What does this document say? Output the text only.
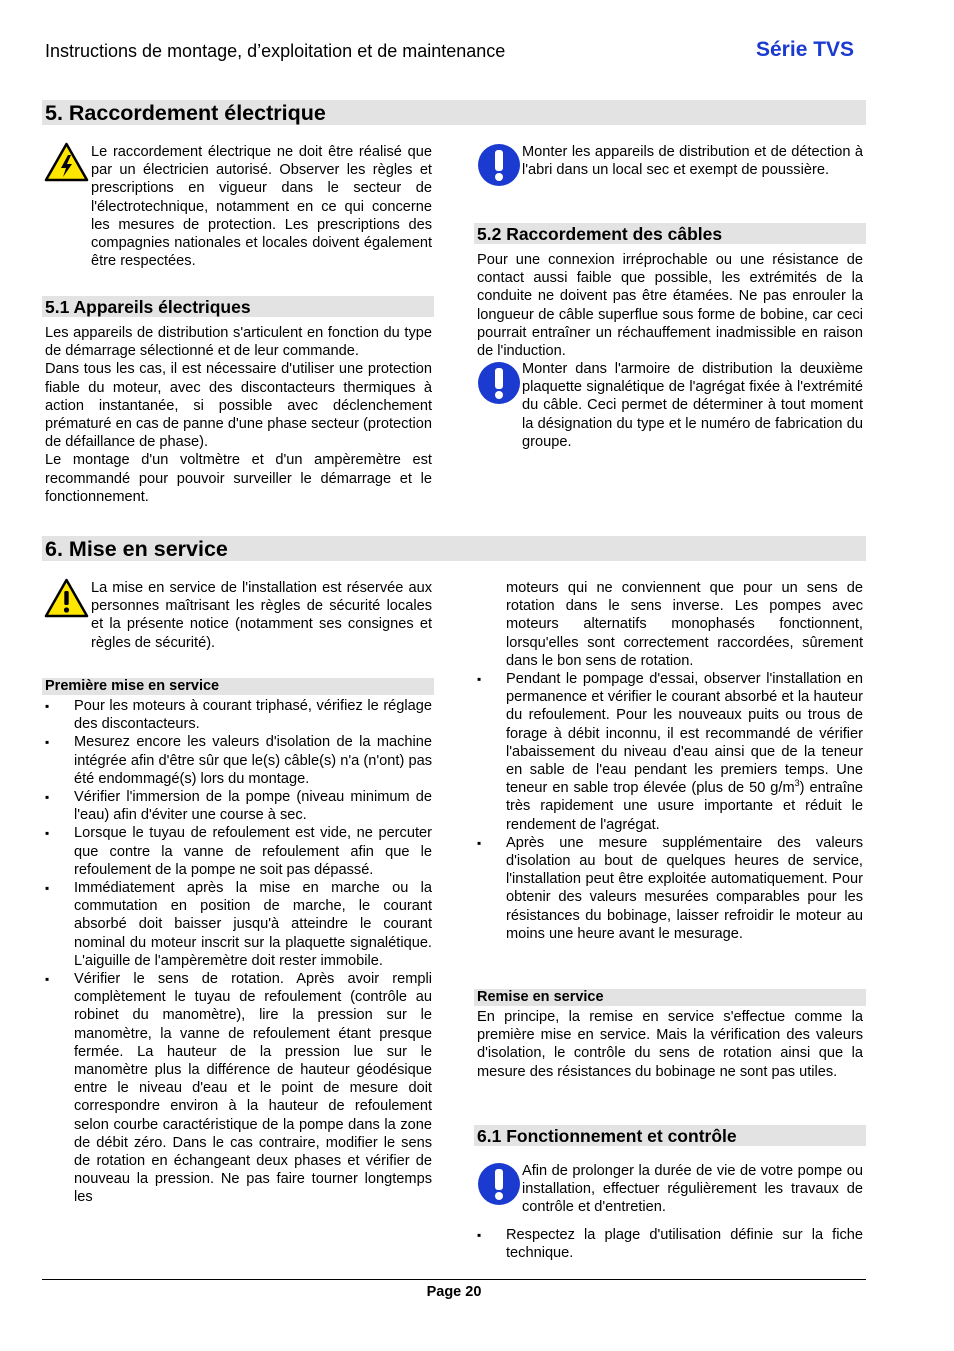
Instructions de montage, d’exploitation et de maintenance	Série TVS
5. Raccordement électrique
Le raccordement électrique ne doit être réalisé que par un électricien autorisé. Observer les règles et prescriptions en vigueur dans le secteur de l'électrotechnique, notamment en ce qui concerne les mesures de protection. Les prescriptions des compagnies nationales et locales doivent également être respectées.
5.1 Appareils électriques

Les appareils de distribution s'articulent en fonction du type de démarrage sélectionné et de leur commande.

Dans tous les cas, il est nécessaire d'utiliser une protection fiable du moteur, avec des discontacteurs thermiques à action instantanée, si possible avec déclenchement prématuré en cas de panne d'une phase secteur (protection de défaillance de phase).

Le montage d'un voltmètre et d'un ampèremètre est recommandé pour pouvoir surveiller le démarrage et le fonctionnement.

Monter les appareils de distribution et de détection à l'abri dans un local sec et exempt de poussière.
5.2 Raccordement des câbles
Pour une connexion irréprochable ou une résistance de contact aussi faible que possible, les extrémités de la conduite ne doivent pas être étamées. Ne pas enrouler la longueur de câble superflue sous forme de bobine, car ceci pourrait entraîner un réchauffement inadmissible en raison de l'induction.
Monter dans l'armoire de distribution la deuxième plaquette signalétique de l'agrégat fixée à l'extrémité du câble. Ceci permet de déterminer à tout moment la désignation du type et le numéro de fabrication du groupe.
6. Mise en service
La mise en service de l'installation est réservée aux personnes maîtrisant les règles de sécurité locales et la présente notice (notamment ses consignes et règles de sécurité).
Première mise en service
▪ Pour les moteurs à courant triphasé, vérifiez le réglage des discontacteurs.
▪ Mesurez encore les valeurs d'isolation de la machine intégrée afin d'être sûr que le(s) câble(s) n'a (n'ont) pas été endommagé(s) lors du montage.
▪ Vérifier l'immersion de la pompe (niveau minimum de l'eau) afin d'éviter une course à sec.
▪ Lorsque le tuyau de refoulement est vide, ne percuter que contre la vanne de refoulement afin que le refoulement de la pompe ne soit pas dépassé.
▪ Immédiatement après la mise en marche ou la commutation en position de marche, le courant absorbé doit baisser jusqu'à atteindre le courant nominal du moteur inscrit sur la plaquette signalétique. L'aiguille de l'ampèremètre doit rester immobile.
▪ Vérifier le sens de rotation. Après avoir rempli complètement le tuyau de refoulement (contrôle au robinet du manomètre), lire la pression sur le manomètre, la vanne de refoulement étant presque fermée. La hauteur de la pression lue sur le manomètre plus la différence de hauteur géodésique entre le niveau d'eau et le point de mesure doit correspondre environ à la hauteur de refoulement selon courbe caractéristique de la pompe dans la zone de débit zéro. Dans le cas contraire, modifier le sens de rotation en échangeant deux phases et vérifier de nouveau la pression. Ne pas faire tourner longtemps les
moteurs qui ne conviennent que pour un sens de rotation dans le sens inverse. Les pompes avec moteurs alternatifs monophasés fonctionnent, lorsqu'elles sont correctement raccordées, sûrement dans le bon sens de rotation.
▪ Pendant le pompage d'essai, observer l'installation en permanence et vérifier le courant absorbé et la hauteur du refoulement. Pour les nouveaux puits ou trous de forage à débit inconnu, il est recommandé de vérifier l'abaissement du niveau d'eau ainsi que de la teneur en sable de l'eau pendant les premiers temps. Une teneur en sable trop élevée (plus de 50 $g/m^3$) entraîne très rapidement une usure importante et réduit le rendement de l'agrégat.
▪ Après une mesure supplémentaire des valeurs d'isolation au bout de quelques heures de service, l'installation peut être exploitée automatiquement. Pour obtenir des valeurs mesurées comparables pour les résistances du bobinage, laisser refroidir le moteur au moins une heure avant le mesurage.
Remise en service
En principe, la remise en service s'effectue comme la première mise en service. Mais la vérification des valeurs d'isolation, le contrôle du sens de rotation ainsi que la mesure des résistances du bobinage ne sont pas utiles.
6.1 Fonctionnement et contrôle
Afin de prolonger la durée de vie de votre pompe ou installation, effectuer régulièrement les travaux de contrôle et d'entretien.
▪ Respectez la plage d'utilisation définie sur la fiche technique.
Page 20
